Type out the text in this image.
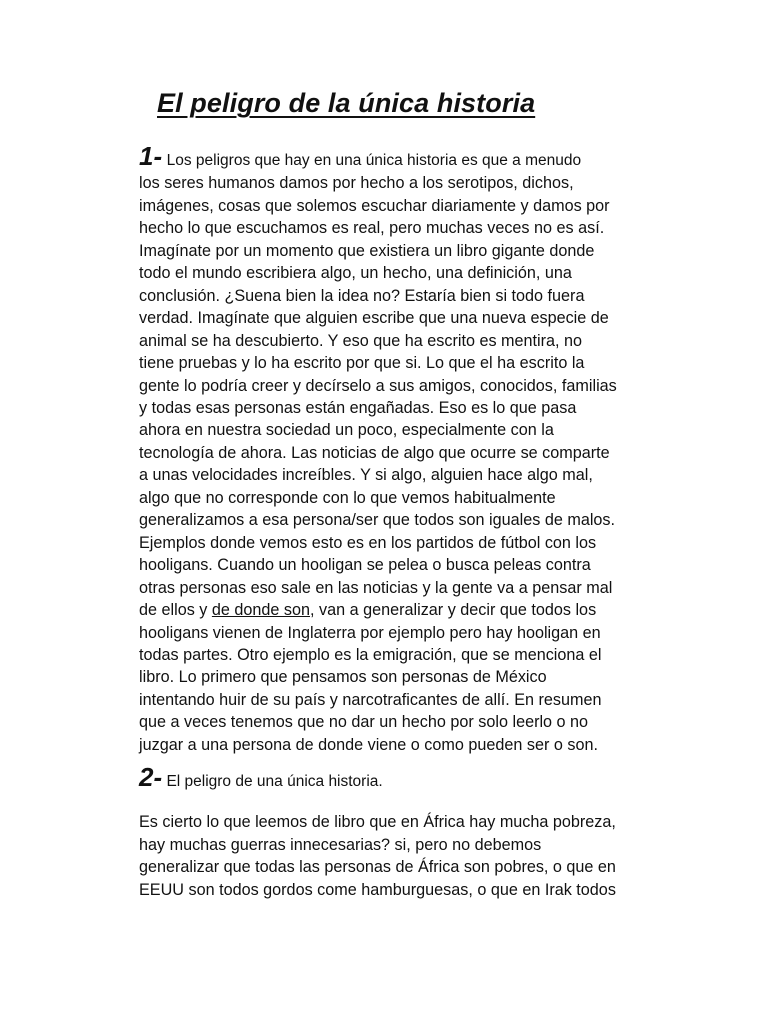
El peligro de la única historia

1- Los peligros que hay en una única historia es que a menudo
los seres humanos damos por hecho a los serotipos, dichos,
imágenes, cosas que solemos escuchar diariamente y damos por
hecho lo que escuchamos es real, pero muchas veces no es así.
Imagínate por un momento que existiera un libro gigante donde
todo el mundo escribiera algo, un hecho, una definición, una
conclusión. ¿Suena bien la idea no? Estaría bien si todo fuera
verdad. Imagínate que alguien escribe que una nueva especie de
animal se ha descubierto. Y eso que ha escrito es mentira, no
tiene pruebas y lo ha escrito por que si. Lo que el ha escrito la
gente lo podría creer y decírselo a sus amigos, conocidos, familias
y todas esas personas están engañadas. Eso es lo que pasa
ahora en nuestra sociedad un poco, especialmente con la
tecnología de ahora. Las noticias de algo que ocurre se comparte
a unas velocidades increíbles. Y si algo, alguien hace algo mal,
algo que no corresponde con lo que vemos habitualmente
generalizamos a esa persona/ser que todos son iguales de malos.
Ejemplos donde vemos esto es en los partidos de fútbol con los
hooligans. Cuando un hooligan se pelea o busca peleas contra
otras personas eso sale en las noticias y la gente va a pensar mal
de ellos y de donde son, van a generalizar y decir que todos los
hooligans vienen de Inglaterra por ejemplo pero hay hooligan en
todas partes. Otro ejemplo es la emigración, que se menciona el
libro. Lo primero que pensamos son personas de México
intentando huir de su país y narcotraficantes de allí. En resumen
que a veces tenemos que no dar un hecho por solo leerlo o no
juzgar a una persona de donde viene o como pueden ser o son.

2- El peligro de una única historia.

Es cierto lo que leemos de libro que en África hay mucha pobreza,
hay muchas guerras innecesarias? si, pero no debemos
generalizar que todas las personas de África son pobres, o que en
EEUU son todos gordos come hamburguesas, o que en Irak todos
